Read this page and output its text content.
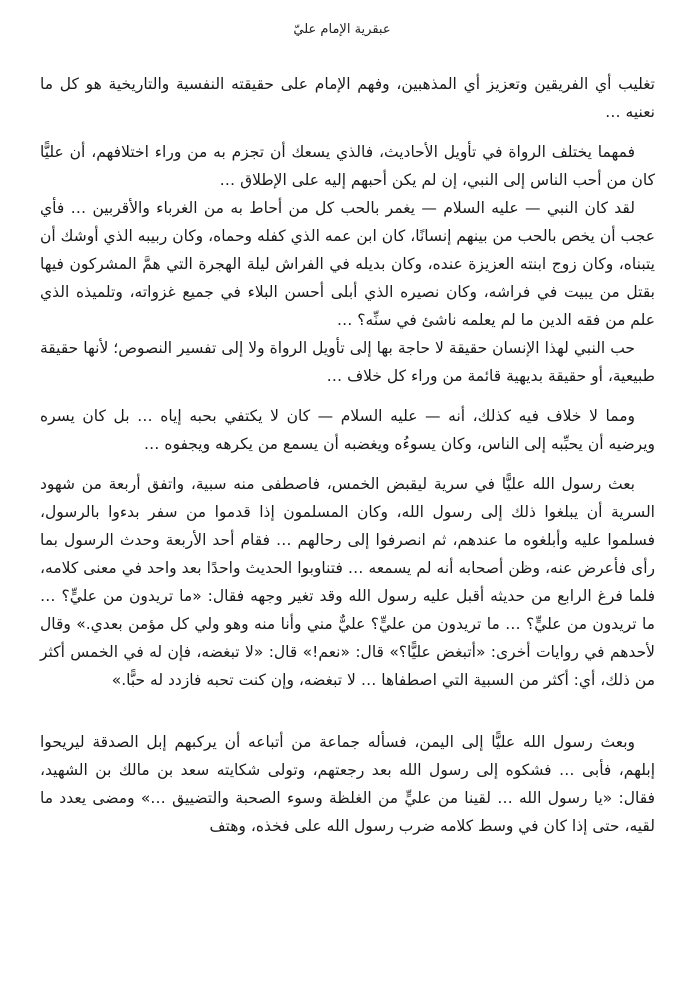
عبقرية الإمام عليّ

تغليب أي الفريقين وتعزيز أي المذهبين، وفهم الإمام على حقيقته النفسية والتاريخية هو كل ما نعنيه …

فمهما يختلف الرواة في تأويل الأحاديث، فالذي يسعك أن تجزم به من وراء اختلافهم، أن عليًّا كان من أحب الناس إلى النبي، إن لم يكن أحبهم إليه على الإطلاق …

لقد كان النبي — عليه السلام — يغمر بالحب كل من أحاط به من الغرباء والأقربين … فأي عجب أن يخص بالحب من بينهم إنسانًا، كان ابن عمه الذي كفله وحماه، وكان ربيبه الذي أوشك أن يتبناه، وكان زوج ابنته العزيزة عنده، وكان بديله في الفراش ليلة الهجرة التي همَّ المشركون فيها بقتل من يبيت في فراشه، وكان نصيره الذي أبلى أحسن البلاء في جميع غزواته، وتلميذه الذي علم من فقه الدين ما لم يعلمه ناشئ في سنِّه؟ …

حب النبي لهذا الإنسان حقيقة لا حاجة بها إلى تأويل الرواة ولا إلى تفسير النصوص؛ لأنها حقيقة طبيعية، أو حقيقة بديهية قائمة من وراء كل خلاف …

ومما لا خلاف فيه كذلك، أنه — عليه السلام — كان لا يكتفي بحبه إياه … بل كان يسره ويرضيه أن يحبِّبه إلى الناس، وكان يسوءُه ويغضبه أن يسمع من يكرهه ويجفوه …

بعث رسول الله عليًّا في سرية ليقبض الخمس، فاصطفى منه سبية، واتفق أربعة من شهود السرية أن يبلغوا ذلك إلى رسول الله، وكان المسلمون إذا قدموا من سفر بدءوا بالرسول، فسلموا عليه وأبلغوه ما عندهم، ثم انصرفوا إلى رحالهم … فقام أحد الأربعة وحدث الرسول بما رأى فأعرض عنه، وظن أصحابه أنه لم يسمعه … فتناوبوا الحديث واحدًا بعد واحد في معنى كلامه، فلما فرغ الرابع من حديثه أقبل عليه رسول الله وقد تغير وجهه فقال: «ما تريدون من عليٍّ؟ … ما تريدون من عليٍّ؟ … ما تريدون من عليٍّ؟ عليٌّ مني وأنا منه وهو ولي كل مؤمن بعدي.» وقال لأحدهم في روايات أخرى: «أتبغض عليًّا؟» قال: «نعم!» قال: «لا تبغضه، فإن له في الخمس أكثر من ذلك، أي: أكثر من السبية التي اصطفاها … لا تبغضه، وإن كنت تحبه فازدد له حبًّا.»

وبعث رسول الله عليًّا إلى اليمن، فسأله جماعة من أتباعه أن يركبهم إبل الصدقة ليريحوا إبلهم، فأبى … فشكوه إلى رسول الله بعد رجعتهم، وتولى شكايته سعد بن مالك بن الشهيد، فقال: «يا رسول الله … لقينا من عليٍّ من الغلظة وسوء الصحبة والتضييق …» ومضى يعدد ما لقيه، حتى إذا كان في وسط كلامه ضرب رسول الله على فخذه، وهتف
